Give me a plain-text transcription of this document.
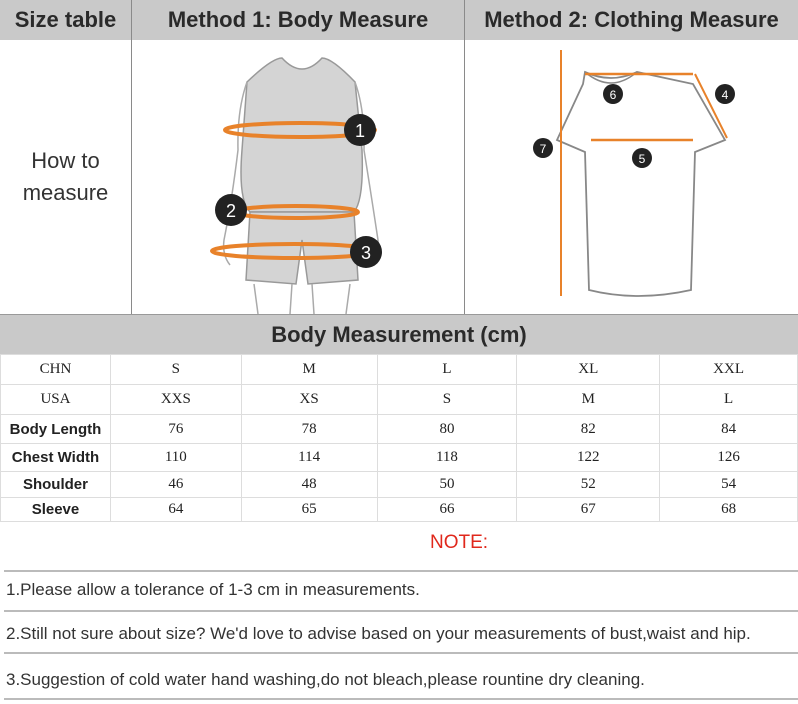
Size table	Method 1: Body Measure	Method 2: Clothing Measure
How to
measure
1
2
3
6	4
7
5
Body Measurement (cm)
CHN	S	M	L	XL	XXL
USA	XXS	XS	S	M	L
Body Length	76	78	80	82	84
Chest Width	110	114	118	122	126
Shoulder	46	48	50	52	54
Sleeve	64	65	66	67	68
NOTE:
1.Please allow a tolerance of 1-3 cm in measurements.
2.Still not sure about size? We'd love to advise based on your measurements of bust,waist and hip.
3.Suggestion of cold water hand washing,do not bleach,please rountine dry cleaning.
